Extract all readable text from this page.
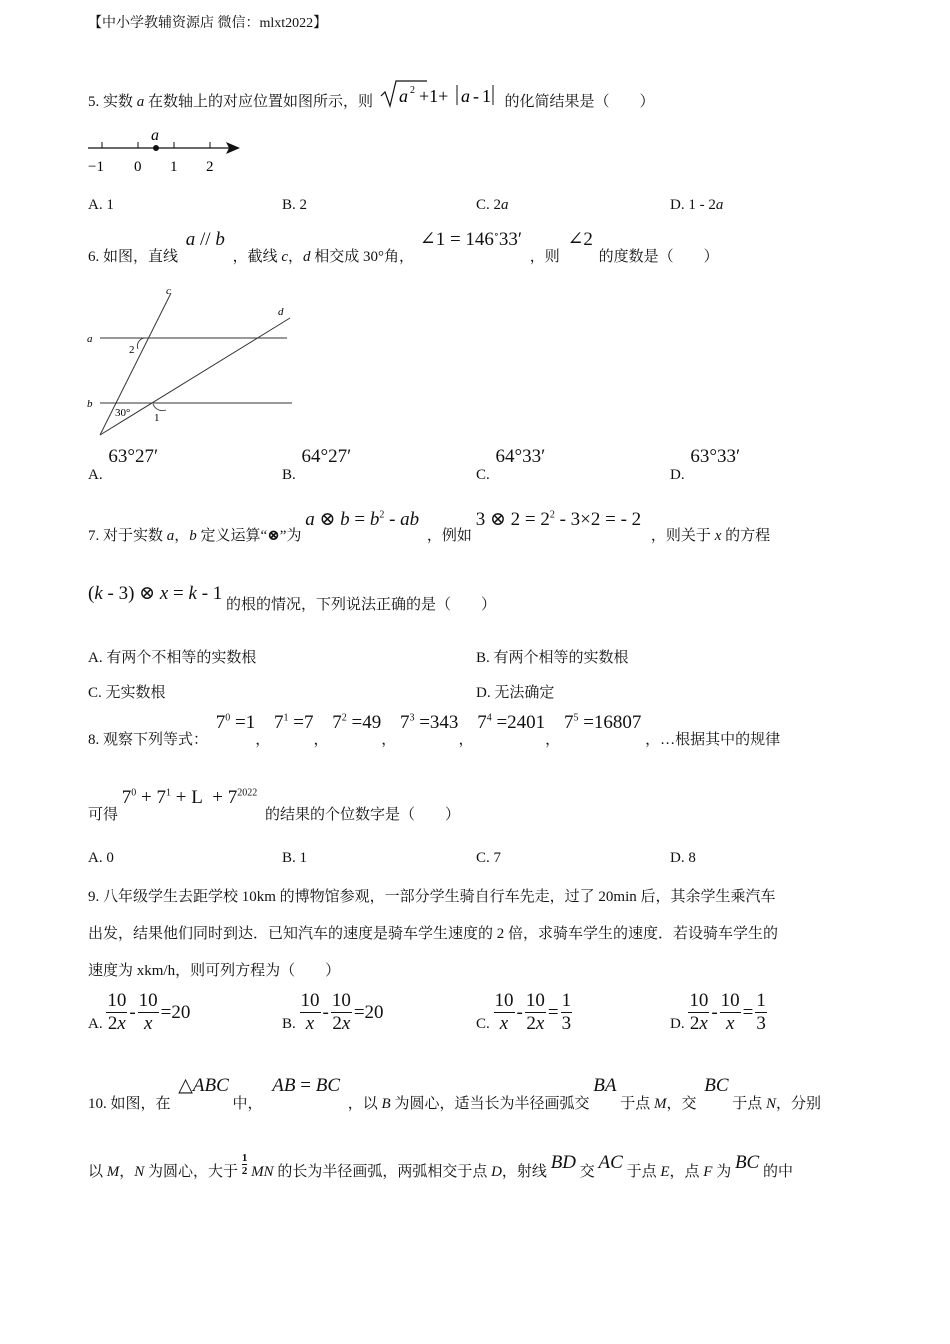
【中小学教辅资源店 微信：mlxt2022】
5. 实数 a 在数轴上的对应位置如图所示，则 a 2 +1+ a - 1 的化简结果是（　　）
a
−1 0 1 2
A. 1	B. 2	C. 2a	D. 1 - 2a
6. 如图，直线 a // b ，截线 c，d 相交成 30°角， ∠1 = 146∘33′ ，则 ∠2 的度数是（　　）
a
b
c
d
2
30° 1
A. 63°27′
B. 64°27′
C. 64°33′
D. 63°33′
7. 对于实数 a，b 定义运算“⊗”为 a ⊗ $b = b^2$ - ab ，例如 3 ⊗ $2 = 2^2 - 3\times 2$ = - 2 ，则关于 x 的方程
(k - 3) ⊗ x = k - 1 的根的情况，下列说法正确的是（　　）
A. 有两个不相等的实数根	B. 有两个相等的实数根
C. 无实数根	D. 无法确定
8. 观察下列等式： $7^0 =1$， $7^1 =7$， $7^2 =49$， $7^3 =343$， $7^4 =2401$， $7^5 =16807$ ，…根据其中的规律
可得 $7^0 + 7^1 + L + 7^{2022}$ 的结果的个位数字是（　　）
A. 0	B. 1	C. 7	D. 8
9. 八年级学生去距学校 10km 的博物馆参观，一部分学生骑自行车先走，过了 20min 后，其余学生乘汽车
出发，结果他们同时到达．已知汽车的速度是骑车学生速度的 2 倍，求骑车学生的速度．若设骑车学生的
速度为 xkm/h，则可列方程为（　　）
A. $\frac{10}{2x} - \frac{10}{x} =20$
B. $\frac{10}{x} - \frac{10}{2x} =20$
C. $\frac{10}{x} - \frac{10}{2x} = \frac{1}{3}$	D. $\frac{10}{2x} - \frac{10}{x} = \frac{1}{3}$
10. 如图，在 △ABC 中， AB = BC ，以 B 为圆心，适当长为半径画弧交 BA 于点 M，交 BC 于点 N，分别
以 M，N 为圆心，大于 $\frac{1}{2}$ MN 的长为半径画弧，两弧相交于点 D，射线 BD 交 AC 于点 E，点 F 为 BC 的中
